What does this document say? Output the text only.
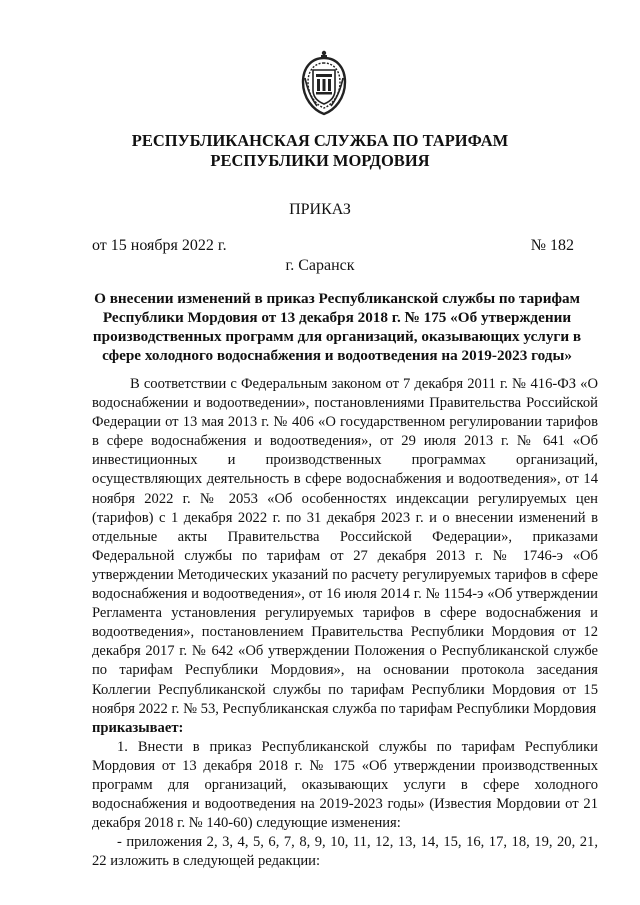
РЕСПУБЛИКАНСКАЯ СЛУЖБА ПО ТАРИФАМ
РЕСПУБЛИКИ МОРДОВИЯ
ПРИКАЗ
от 15 ноября 2022 г.	№ 182
г. Саранск
О внесении изменений в приказ Республиканской службы по тарифам
Республики Мордовия от 13 декабря 2018 г. № 175 «Об утверждении
производственных программ для организаций, оказывающих услуги в
сфере холодного водоснабжения и водоотведения на 2019-2023 годы»

В соответствии с Федеральным законом от 7 декабря 2011 г. № 416-ФЗ «О водоснабжении и водоотведении», постановлениями Правительства Российской Федерации от 13 мая 2013 г. № 406 «О государственном регулировании тарифов в сфере водоснабжения и водоотведения», от 29 июля 2013 г. № 641 «Об инвестиционных и производственных программах организаций, осуществляющих деятельность в сфере водоснабжения и водоотведения», от 14 ноября 2022 г. № 2053 «Об особенностях индексации регулируемых цен (тарифов) с 1 декабря 2022 г. по 31 декабря 2023 г. и о внесении изменений в отдельные акты Правительства Российской Федерации», приказами Федеральной службы по тарифам от 27 декабря 2013 г. № 1746-э «Об утверждении Методических указаний по расчету регулируемых тарифов в сфере водоснабжения и водоотведения», от 16 июля 2014 г. № 1154-э «Об утверждении Регламента установления регулируемых тарифов в сфере водоснабжения и водоотведения», постановлением Правительства Республики Мордовия от 12 декабря 2017 г. № 642 «Об утверждении Положения о Республиканской службе по тарифам Республики Мордовия», на основании протокола заседания Коллегии Республиканской службы по тарифам Республики Мордовия от 15 ноября 2022 г. № 53, Республиканская служба по тарифам Республики Мордовия

приказывает:

1. Внести в приказ Республиканской службы по тарифам Республики Мордовия от 13 декабря 2018 г. № 175 «Об утверждении производственных программ для организаций, оказывающих услуги в сфере холодного водоснабжения и водоотведения на 2019-2023 годы» (Известия Мордовии от 21 декабря 2018 г. № 140-60) следующие изменения:

- приложения 2, 3, 4, 5, 6, 7, 8, 9, 10, 11, 12, 13, 14, 15, 16, 17, 18, 19, 20, 21, 22 изложить в следующей редакции:
